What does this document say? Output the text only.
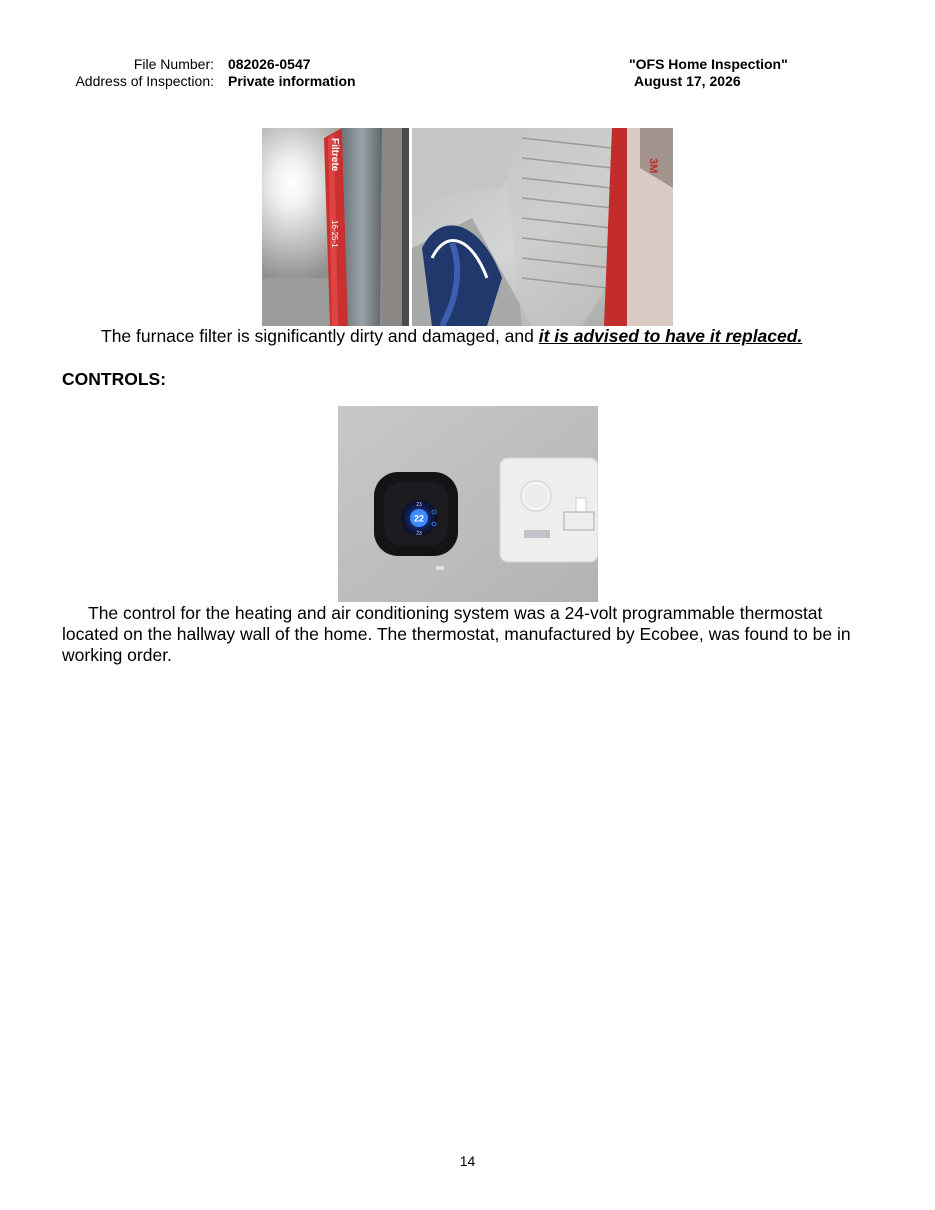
File Number: 082026-0547
Address of Inspection: Private information
"OFS Home Inspection"
August 17, 2026
Filtrete
16-25-1
3M
The furnace filter is significantly dirty and damaged, and it is advised to have it replaced.
CONTROLS:
22
23
23
The control for the heating and air conditioning system was a 24-volt programmable thermostat located on the hallway wall of the home. The thermostat, manufactured by Ecobee, was found to be in working order.
14
